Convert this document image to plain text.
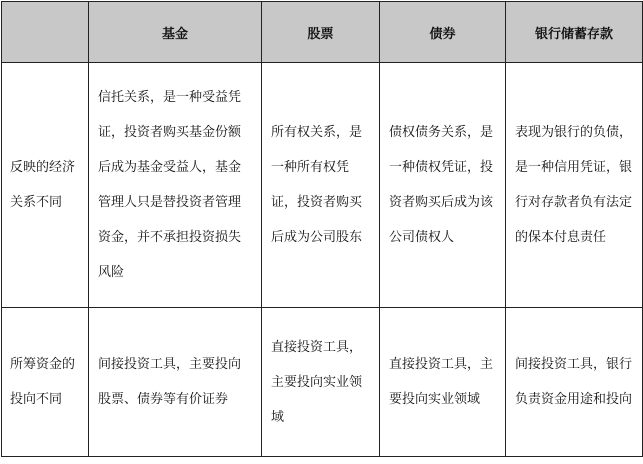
	基金	股票	债券	银行储蓄存款

反映的经济关系不同	信托关系，是一种受益凭证，投资者购买基金份额后成为基金受益人，基金管理人只是替投资者管理资金，并不承担投资损失风险	所有权关系，是一种所有权凭证，投资者购买后成为公司股东	债权债务关系，是一种债权凭证，投资者购买后成为该公司债权人	表现为银行的负债，是一种信用凭证，银行对存款者负有法定的保本付息责任

所筹资金的投向不同	间接投资工具，主要投向股票、债券等有价证券	直接投资工具，主要投向实业领域	直接投资工具，主要投向实业领域	间接投资工具，银行负责资金用途和投向
